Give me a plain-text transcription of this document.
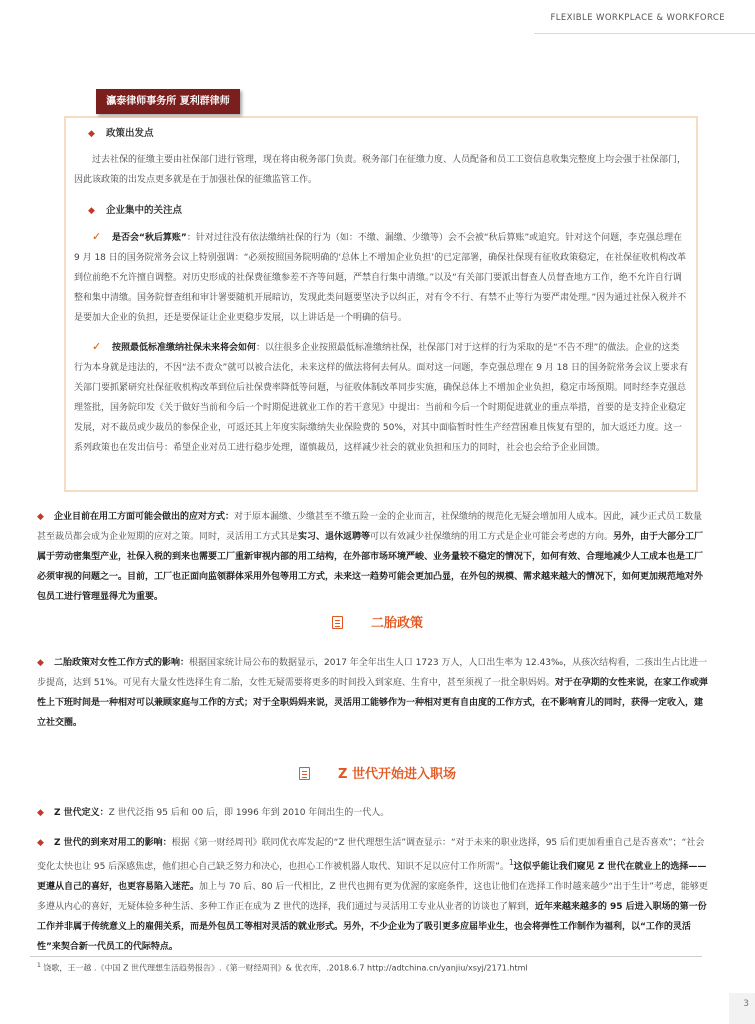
FLEXIBLE WORKPLACE & WORKFORCE
瀛泰律师事务所 夏利群律师
◆ 政策出发点

过去社保的征缴主要由社保部门进行管理，现在将由税务部门负责。税务部门在征缴力度、人员配备和员工工资信息收集完整度上均会强于社保部门，因此该政策的出发点更多就是在于加强社保的征缴监管工作。

◆ 企业集中的关注点

✓ 是否会“秋后算账”：针对过往没有依法缴纳社保的行为（如：不缴、漏缴、少缴等）会不会被“秋后算账”或追究。针对这个问题，李克强总理在 9 月 18 日的国务院常务会议上特别强调：“必须按照国务院明确的‘总体上不增加企业负担’的已定部署，确保社保现有征收政策稳定，在社保征收机构改革到位前绝不允许擅自调整。对历史形成的社保费征缴参差不齐等问题，严禁自行集中清缴。”以及“有关部门要派出督查人员督查地方工作，绝不允许自行调整和集中清缴。国务院督查组和审计署要随机开展暗访，发现此类问题要坚决予以纠正，对有令不行、有禁不止等行为要严肃处理。”因为通过社保入税并不是要加大企业的负担，还是要保证让企业更稳步发展，以上讲话是一个明确的信号。

✓ 按照最低标准缴纳社保未来将会如何：以往很多企业按照最低标准缴纳社保，社保部门对于这样的行为采取的是“不告不理”的做法。企业的这类行为本身就是违法的，不因“法不责众”就可以被合法化，未来这样的做法将何去何从。面对这一问题，李克强总理在 9 月 18 日的国务院常务会议上要求有关部门要抓紧研究社保征收机构改革到位后社保费率降低等问题，与征收体制改革同步实施，确保总体上不增加企业负担，稳定市场预期。同时经李克强总理签批，国务院印发《关于做好当前和今后一个时期促进就业工作的若干意见》中提出：当前和今后一个时期促进就业的重点举措，首要的是支持企业稳定发展，对不裁员或少裁员的参保企业，可返还其上年度实际缴纳失业保险费的 50%，对其中面临暂时性生产经营困难且恢复有望的，加大返还力度。这一系列政策也在发出信号：希望企业对员工进行稳步处理，谨慎裁员，这样减少社会的就业负担和压力的同时，社会也会给予企业回馈。

◆ 企业目前在用工方面可能会做出的应对方式：对于原本漏缴、少缴甚至不缴五险一金的企业而言，社保缴纳的规范化无疑会增加用人成本。因此，减少正式员工数量甚至裁员都会成为企业短期的应对之策。同时，灵活用工方式其是实习、退休返聘等可以有效减少社保缴纳的用工方式是企业可能会考虑的方向。另外，由于大部分工厂属于劳动密集型产业，社保入税的到来也需要工厂重新审视内部的用工结构，在外部市场环境严峻、业务量较不稳定的情况下，如何有效、合理地减少人工成本也是工厂必须审视的问题之一。目前，工厂也正面向监领群体采用外包等用工方式，未来这一趋势可能会更加凸显，在外包的规模、需求越来越大的情况下，如何更加规范地对外包员工进行管理显得尤为重要。

二胎政策

◆ 二胎政策对女性工作方式的影响：根据国家统计局公布的数据显示，2017 年全年出生人口 1723 万人，人口出生率为 12.43‰，从孩次结构看，二孩出生占比进一步提高，达到 51%。可见有大量女性选择生育二胎，女性无疑需要将更多的时间投入到家庭、生育中，甚至须视了一批全职妈妈。对于在孕期的女性来说，在家工作或弹性上下班时间是一种相对可以兼顾家庭与工作的方式；对于全职妈妈来说，灵活用工能够作为一种相对更有自由度的工作方式，在不影响育儿的同时，获得一定收入，建立社交圈。

Z 世代开始进入职场

◆ Z 世代定义：Z 世代泛指 95 后和 00 后，即 1996 年到 2010 年间出生的一代人。

◆ Z 世代的到来对用工的影响：根据《第一财经周刊》联同优衣库发起的“Z 世代理想生活”调查显示：“对于未来的职业选择，95 后们更加看重自己是否喜欢”；“社会变化太快也让 95 后深感焦虑，他们担心自己缺乏努力和决心，也担心工作被机器人取代、知识不足以应付工作所需”。$^1$这似乎能让我们窥见 Z 世代在就业上的选择——更遵从自己的喜好，也更容易陷入迷茫。加上与 70 后、80 后一代相比，Z 世代也拥有更为优渥的家庭条件，这也让他们在选择工作时越来越少“出于生计”考虑，能够更多遵从内心的喜好，无疑体验多种生活、多种工作正在成为 Z 世代的选择，我们通过与灵活用工专业从业者的访谈也了解到，近年来越来越多的 95 后进入职场的第一份工作并非属于传统意义上的雇佣关系，而是外包员工等相对灵活的就业形式。另外，不少企业为了吸引更多应届毕业生，也会将弹性工作制作为福利，以“工作的灵活性”来契合新一代员工的代际特点。

$^1$ 饶歌，王一越 .《中国 Z 世代理想生活趋势报告》.《第一财经周刊》& 优衣库，.2018.6.7 http://adtchina.cn/yanjiu/xsyj/2171.html
3
